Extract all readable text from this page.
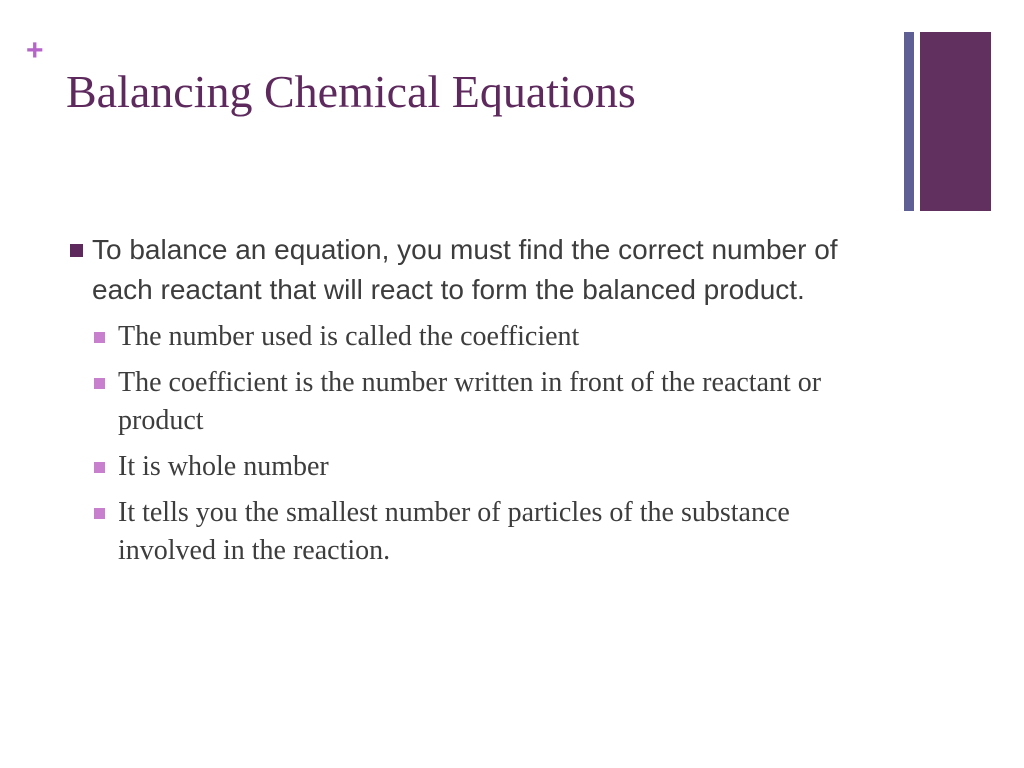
+
Balancing Chemical Equations
To balance an equation, you must find the correct number of each reactant that will react to form the balanced product.
The number used is called the coefficient
The coefficient is the number written in front of the reactant or product
It is whole number
It tells you the smallest number of particles of the substance involved in the reaction.
